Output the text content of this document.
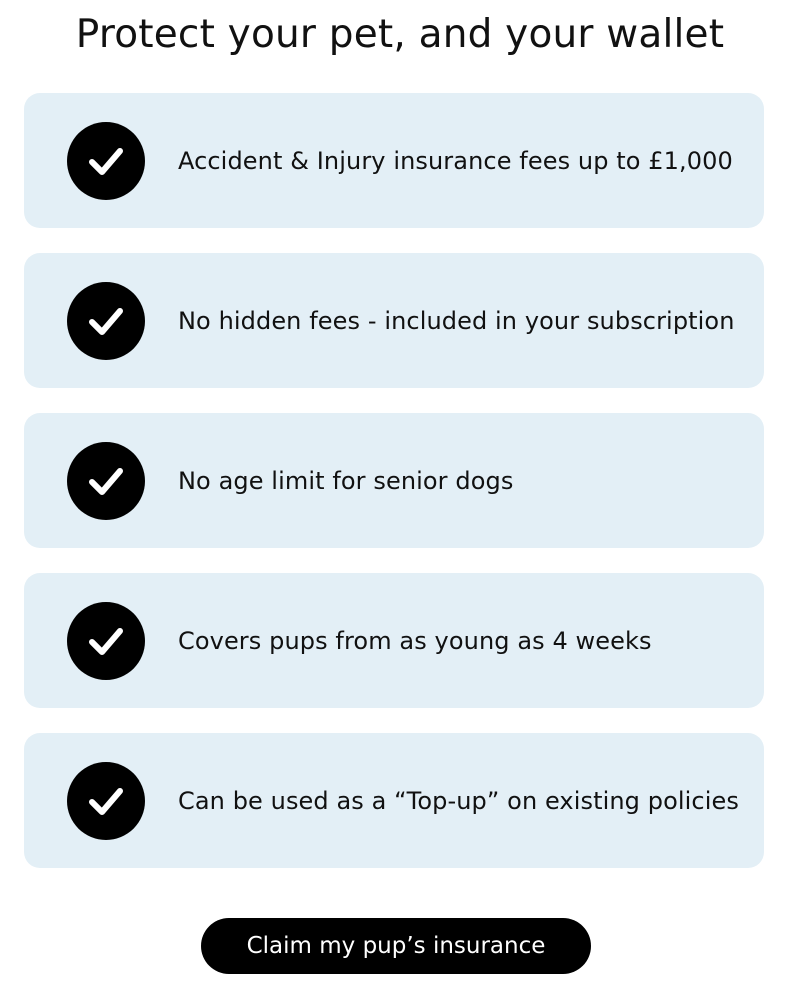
Protect your pet, and your wallet
Accident & Injury insurance fees up to £1,000
No hidden fees - included in your subscription
No age limit for senior dogs
Covers pups from as young as 4 weeks
Can be used as a “Top-up” on existing policies
Claim my pup’s insurance
